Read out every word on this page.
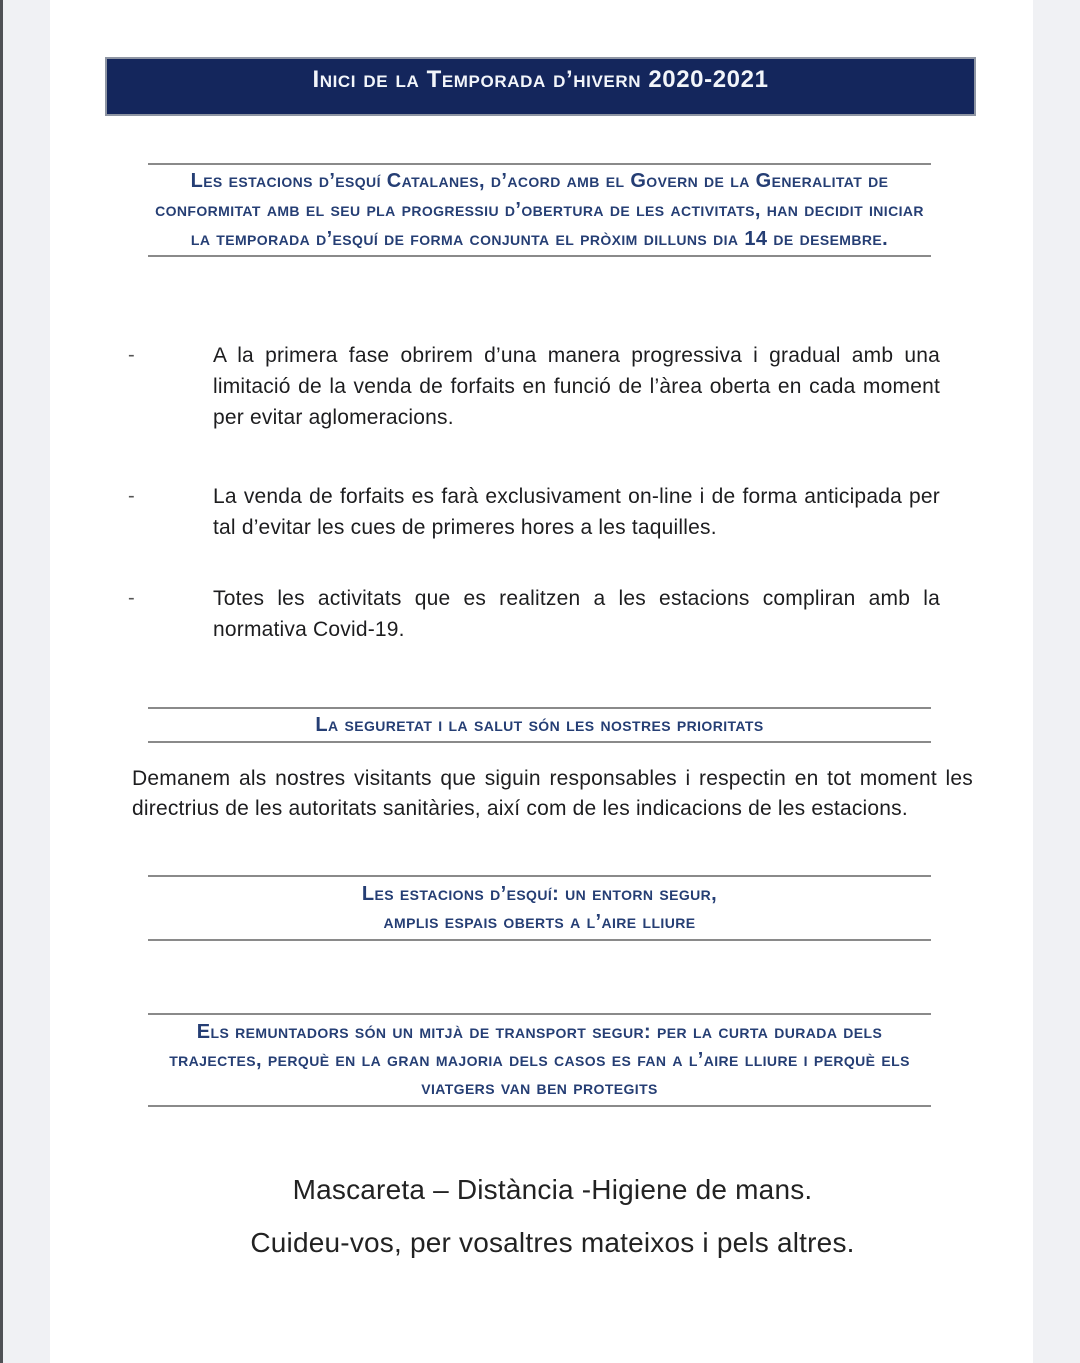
Inici de la Temporada d’hivern 2020-2021
Les estacions d’esquí Catalanes, d’acord amb el Govern de la Generalitat de conformitat amb el seu pla progressiu d’obertura de les activitats, han decidit iniciar la temporada d’esquí de forma conjunta el pròxim dilluns dia 14 de desembre.
-	A la primera fase obrirem d’una manera progressiva i gradual amb una limitació de la venda de forfaits en funció de l’àrea oberta en cada moment per evitar aglomeracions.

-	La venda de forfaits es farà exclusivament on-line i de forma anticipada per tal d’evitar les cues de primeres hores a les taquilles.

-	Totes les activitats que es realitzen a les estacions compliran amb la normativa Covid-19.

La seguretat i la salut són les nostres prioritats

Demanem als nostres visitants que siguin responsables i respectin en tot moment les directrius de les autoritats sanitàries, així com de les indicacions de les estacions.

Les estacions d’esquí: un entorn segur,
amplis espais oberts a l’aire lliure
Els remuntadors són un mitjà de transport segur: per la curta durada dels trajectes, perquè en la gran majoria dels casos es fan a l’aire lliure i perquè els viatgers van ben protegits
Mascareta – Distància -Higiene de mans.
Cuideu-vos, per vosaltres mateixos i pels altres.
